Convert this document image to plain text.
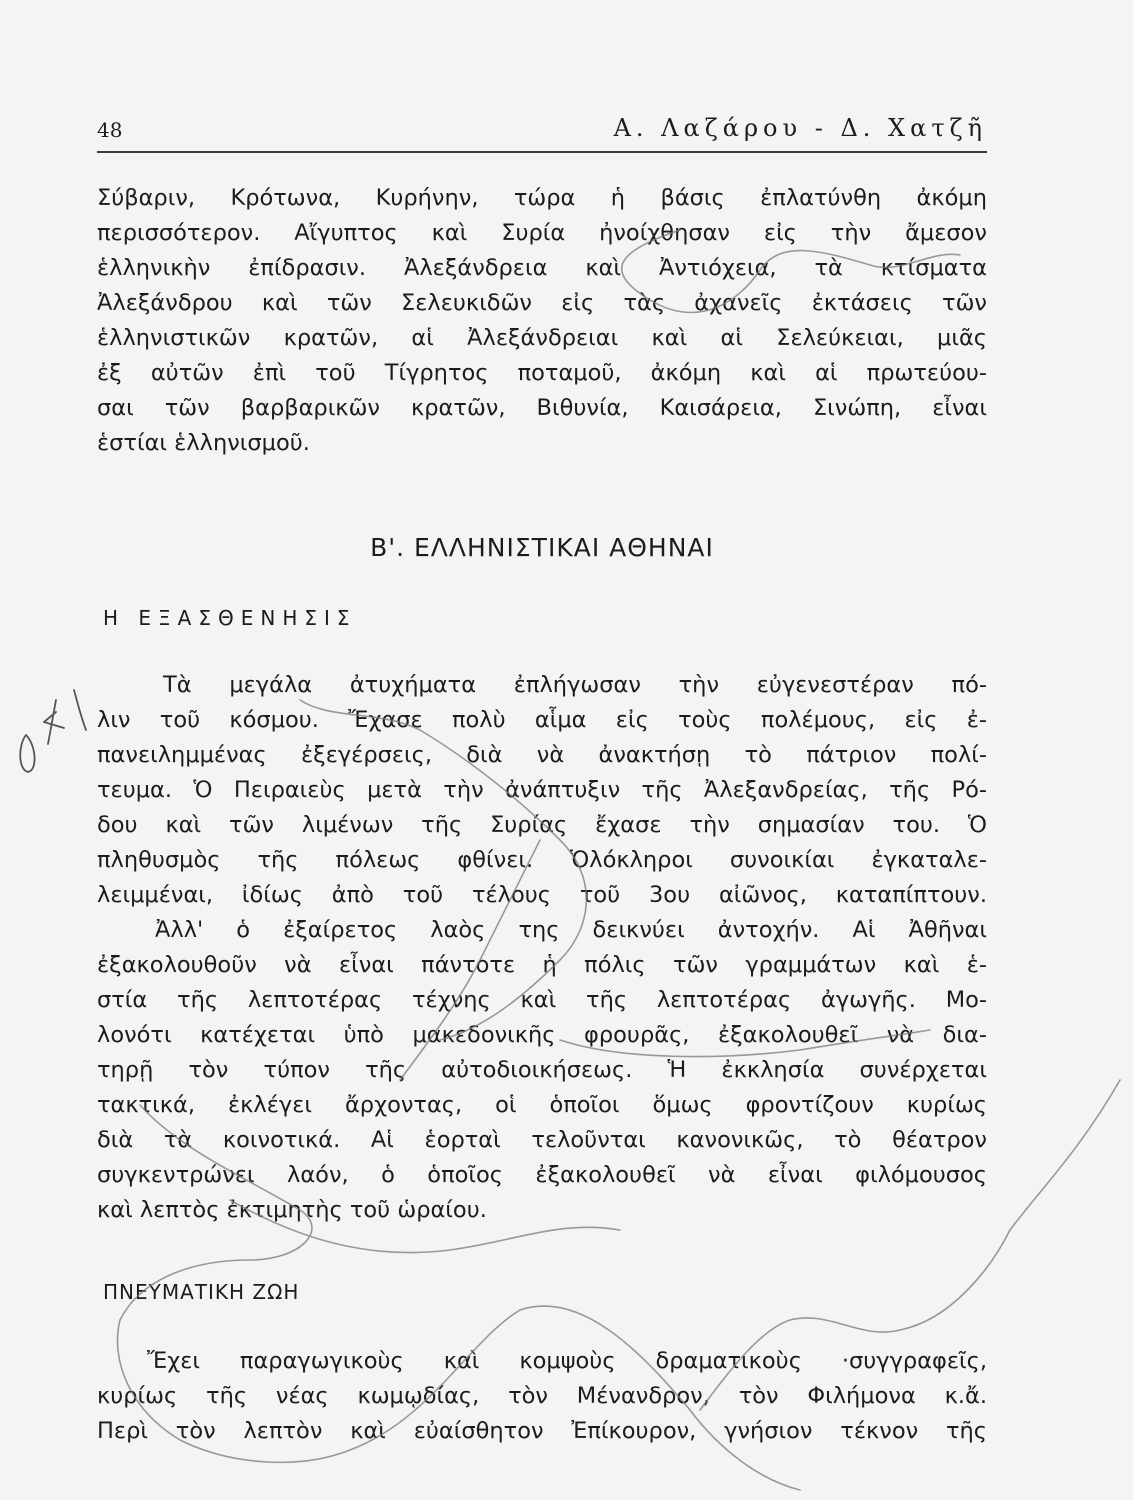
48	Α. Λαζάρου - Δ. Χατζῆ
Σύβαριν, Κρότωνα, Κυρήνην, τώρα ἡ βάσις ἐπλατύνθη ἀκόμη
περισσότερον. Αἴγυπτος καὶ Συρία ἠνοίχθησαν εἰς τὴν ἄμεσον
ἑλληνικὴν ἐπίδρασιν. Ἀλεξάνδρεια καὶ Ἀντιόχεια, τὰ κτίσματα
Ἀλεξάνδρου καὶ τῶν Σελευκιδῶν εἰς τὰς ἀχανεῖς ἐκτάσεις τῶν
ἑλληνιστικῶν κρατῶν, αἱ Ἀλεξάνδρειαι καὶ αἱ Σελεύκειαι, μιᾶς
ἐξ αὐτῶν ἐπὶ τοῦ Τίγρητος ποταμοῦ, ἀκόμη καὶ αἱ πρωτεύου-
σαι τῶν βαρβαρικῶν κρατῶν, Βιθυνία, Καισάρεια, Σινώπη, εἶναι
ἑστίαι ἑλληνισμοῦ.
Β'. ΕΛΛΗΝΙΣΤΙΚΑΙ ΑΘΗΝΑΙ
Η ΕΞΑΣΘΕΝΗΣΙΣ
Τὰ μεγάλα ἀτυχήματα ἐπλήγωσαν τὴν εὐγενεστέραν πό-
λιν τοῦ κόσμου. Ἔχασε πολὺ αἷμα εἰς τοὺς πολέμους, εἰς ἐ-
πανειλημμένας ἐξεγέρσεις, διὰ νὰ ἀνακτήσῃ τὸ πάτριον πολί-
τευμα. Ὁ Πειραιεὺς μετὰ τὴν ἀνάπτυξιν τῆς Ἀλεξανδρείας, τῆς Ρό-
δου καὶ τῶν λιμένων τῆς Συρίας ἔχασε τὴν σημασίαν του. Ὁ
πληθυσμὸς τῆς πόλεως φθίνει. Ὁλόκληροι συνοικίαι ἐγκαταλε-
λειμμέναι, ἰδίως ἀπὸ τοῦ τέλους τοῦ 3ου αἰῶνος, καταπίπτουν.
Ἀλλ' ὁ ἐξαίρετος λαὸς της δεικνύει ἀντοχήν. Αἱ Ἀθῆναι
ἐξακολουθοῦν νὰ εἶναι πάντοτε ἡ πόλις τῶν γραμμάτων καὶ ἑ-
στία τῆς λεπτοτέρας τέχνης καὶ τῆς λεπτοτέρας ἀγωγῆς. Μο-
λονότι κατέχεται ὑπὸ μακεδονικῆς φρουρᾶς, ἐξακολουθεῖ νὰ δια-
τηρῇ τὸν τύπον τῆς αὐτοδιοικήσεως. Ἡ ἐκκλησία συνέρχεται
τακτικά, ἐκλέγει ἄρχοντας, οἱ ὁποῖοι ὅμως φροντίζουν κυρίως
διὰ τὰ κοινοτικά. Αἱ ἑορταὶ τελοῦνται κανονικῶς, τὸ θέατρον
συγκεντρώνει λαόν, ὁ ὁποῖος ἐξακολουθεῖ νὰ εἶναι φιλόμουσος
καὶ λεπτὸς ἐκτιμητὴς τοῦ ὡραίου.
ΠΝΕΥΜΑΤΙΚΗ ΖΩΗ
Ἔχει παραγωγικοὺς καὶ κομψοὺς δραματικοὺς ·συγγραφεῖς,
κυρίως τῆς νέας κωμῳδίας, τὸν Μένανδρον, τὸν Φιλήμονα κ.ἄ.
Περὶ τὸν λεπτὸν καὶ εὐαίσθητον Ἐπίκουρον, γνήσιον τέκνον τῆς
0,4
